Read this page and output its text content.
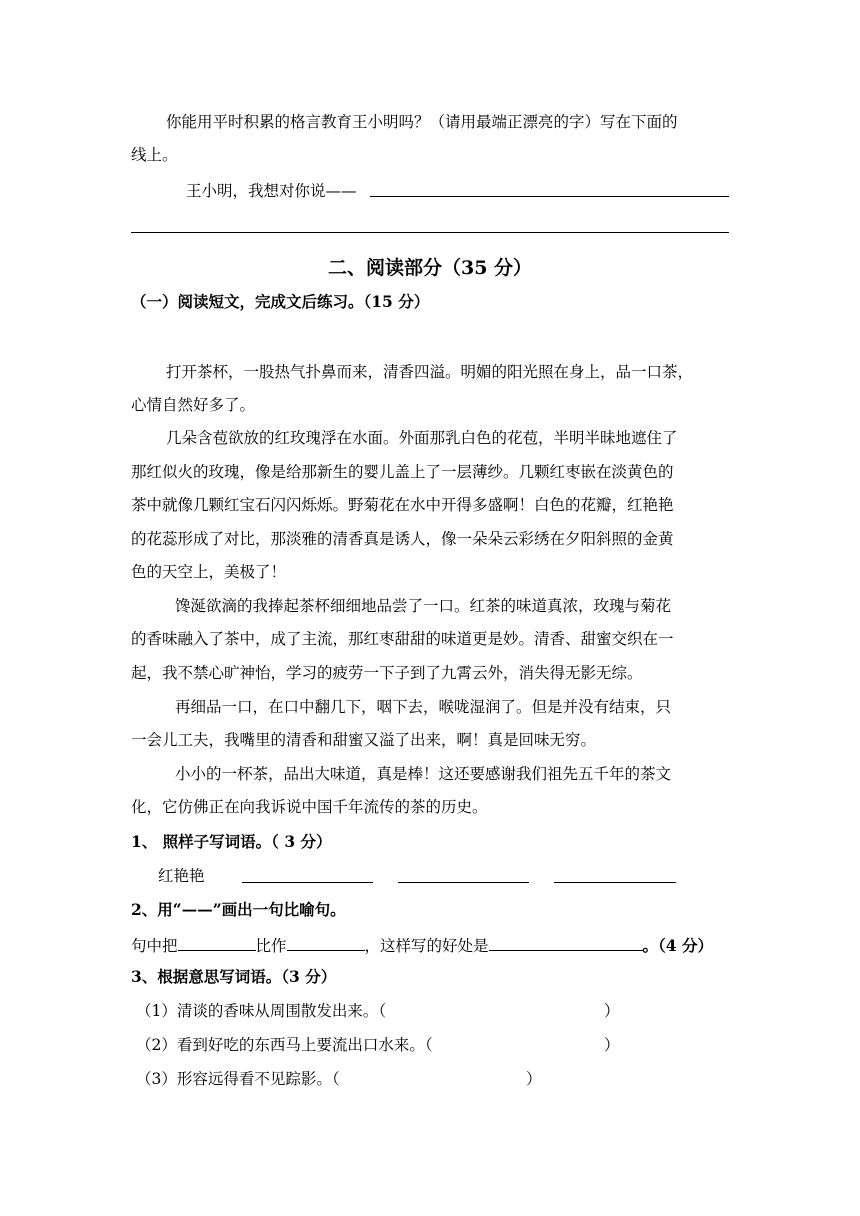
你能用平时积累的格言教育王小明吗？（请用最端正漂亮的字）写在下面的
线上。
王小明，我想对你说——
二、阅读部分（35 分）
（一）阅读短文，完成文后练习。（15 分）
打开茶杯，一股热气扑鼻而来，清香四溢。明媚的阳光照在身上，品一口茶，
心情自然好多了。
几朵含苞欲放的红玫瑰浮在水面。外面那乳白色的花苞，半明半昧地遮住了
那红似火的玫瑰，像是给那新生的婴儿盖上了一层薄纱。几颗红枣嵌在淡黄色的
茶中就像几颗红宝石闪闪烁烁。野菊花在水中开得多盛啊！白色的花瓣，红艳艳
的花蕊形成了对比，那淡雅的清香真是诱人，像一朵朵云彩绣在夕阳斜照的金黄
色的天空上，美极了！
馋涎欲滴的我捧起茶杯细细地品尝了一口。红茶的味道真浓，玫瑰与菊花
的香味融入了茶中，成了主流，那红枣甜甜的味道更是妙。清香、甜蜜交织在一
起，我不禁心旷神怡，学习的疲劳一下子到了九霄云外，消失得无影无综。
再细品一口，在口中翻几下，咽下去，喉咙湿润了。但是并没有结束，只
一会儿工夫，我嘴里的清香和甜蜜又溢了出来，啊！真是回味无穷。
小小的一杯茶，品出大味道，真是棒！这还要感谢我们祖先五千年的茶文
化，它仿佛正在向我诉说中国千年流传的茶的历史。
1、 照样子写词语。（ 3 分）
红艳艳
2、用“——”画出一句比喻句。
句中把	比作	，这样写的好处是	。（4 分）
3、根据意思写词语。（3 分）
（1）清谈的香味从周围散发出来。（	）
（2）看到好吃的东西马上要流出口水来。（	）
（3）形容远得看不见踪影。（	）
